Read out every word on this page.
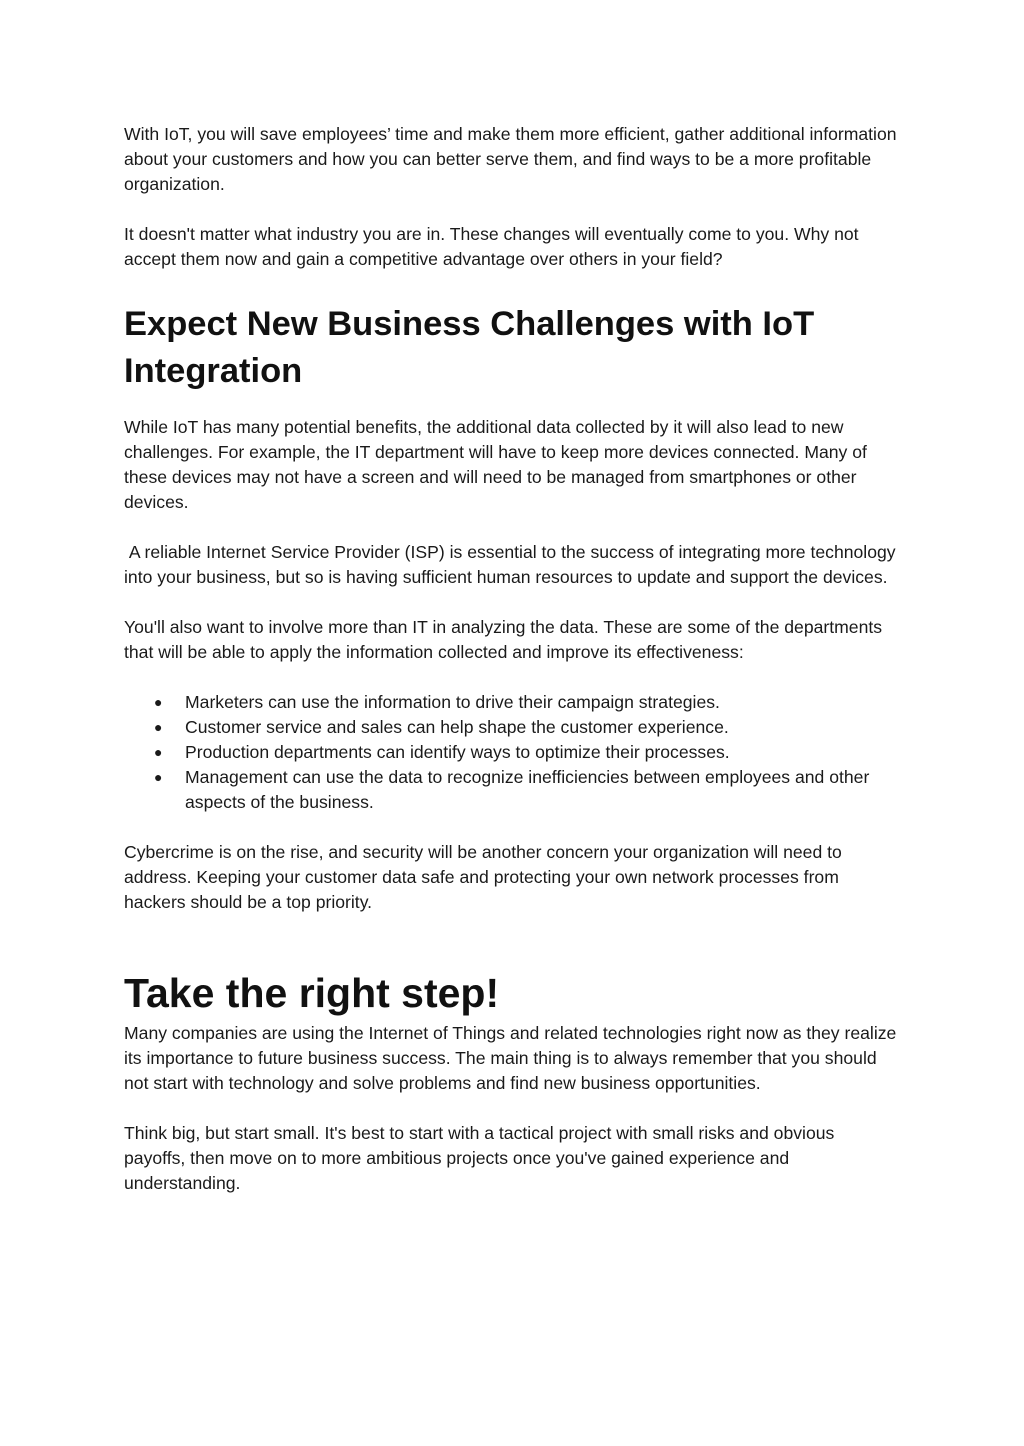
With IoT, you will save employees’ time and make them more efficient, gather additional information about your customers and how you can better serve them, and find ways to be a more profitable organization.

It doesn't matter what industry you are in. These changes will eventually come to you. Why not accept them now and gain a competitive advantage over others in your field?

Expect New Business Challenges with IoT Integration

While IoT has many potential benefits, the additional data collected by it will also lead to new challenges. For example, the IT department will have to keep more devices connected. Many of these devices may not have a screen and will need to be managed from smartphones or other devices.

A reliable Internet Service Provider (ISP) is essential to the success of integrating more technology into your business, but so is having sufficient human resources to update and support the devices.

You'll also want to involve more than IT in analyzing the data. These are some of the departments that will be able to apply the information collected and improve its effectiveness:

● Marketers can use the information to drive their campaign strategies.
● Customer service and sales can help shape the customer experience.
● Production departments can identify ways to optimize their processes.
● Management can use the data to recognize inefficiencies between employees and other aspects of the business.

Cybercrime is on the rise, and security will be another concern your organization will need to address. Keeping your customer data safe and protecting your own network processes from hackers should be a top priority.

Take the right step!

Many companies are using the Internet of Things and related technologies right now as they realize its importance to future business success. The main thing is to always remember that you should not start with technology and solve problems and find new business opportunities.

Think big, but start small. It's best to start with a tactical project with small risks and obvious payoffs, then move on to more ambitious projects once you've gained experience and understanding.
